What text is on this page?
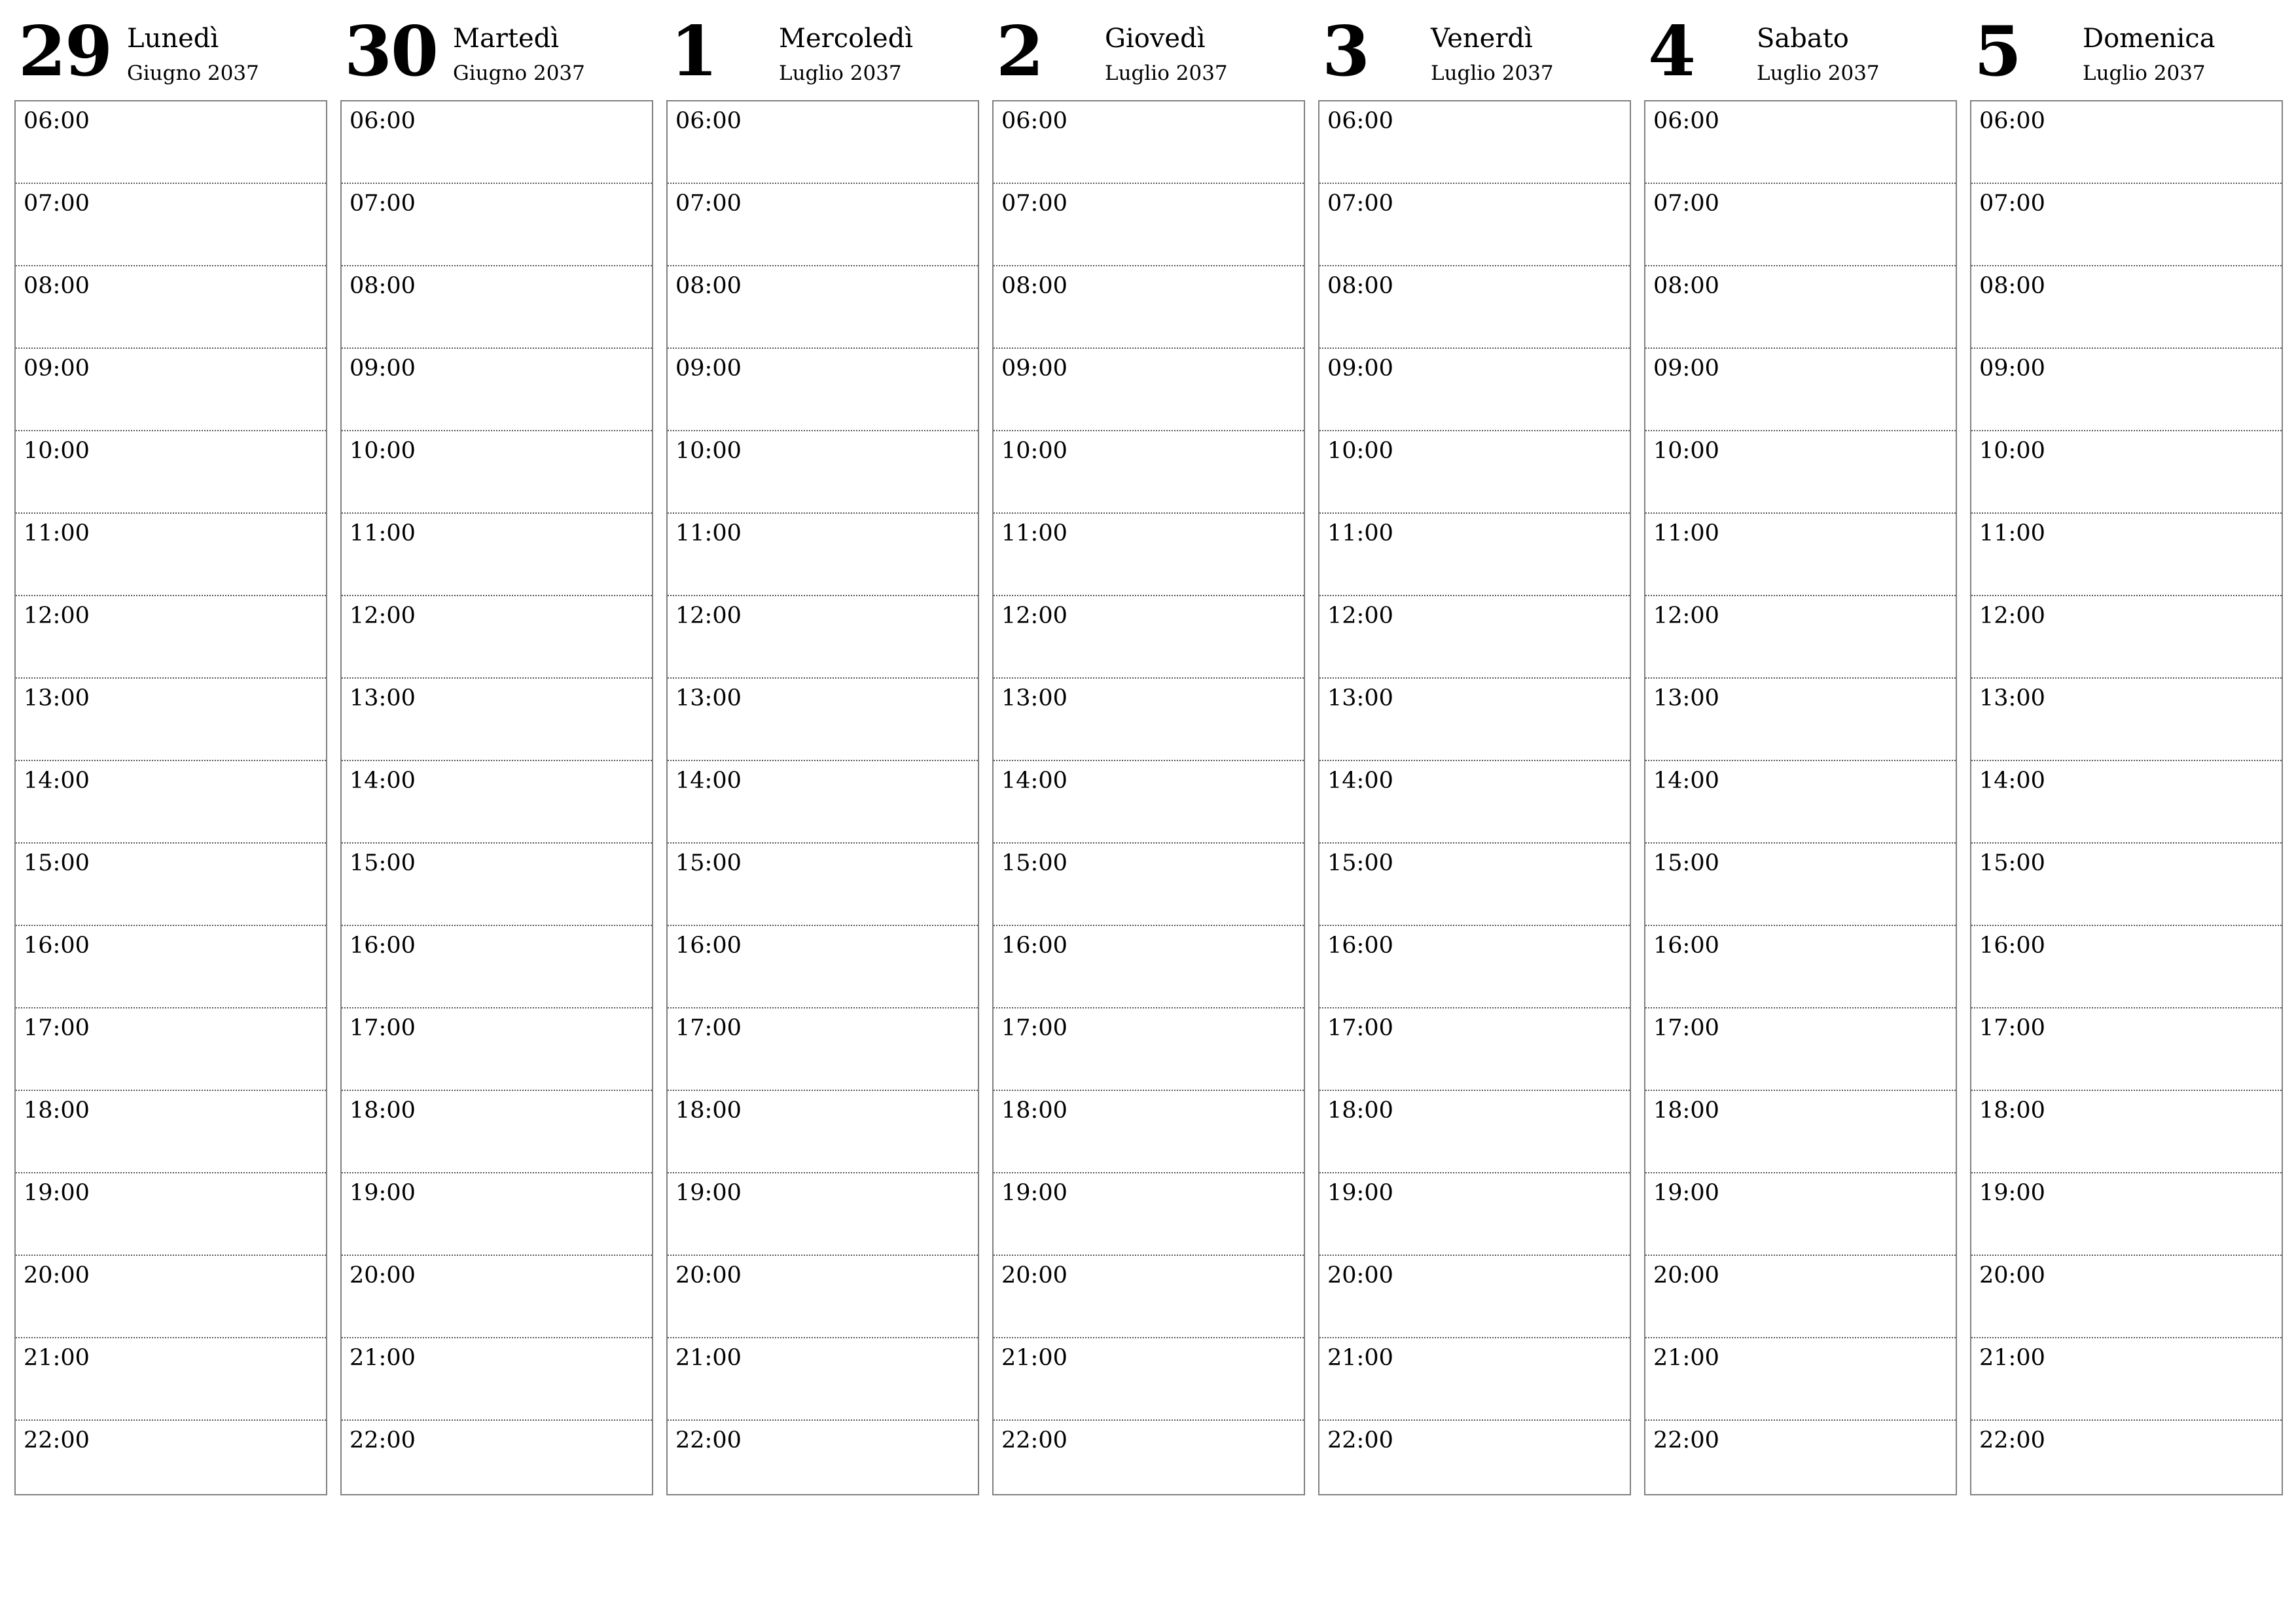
29 Lunedì
Giugno 2037
06:00
07:00
08:00
09:00
10:00
11:00
12:00
13:00
14:00
15:00
16:00
17:00
18:00
19:00
20:00
21:00
22:00
30 Martedì
Giugno 2037
06:00
07:00
08:00
09:00
10:00
11:00
12:00
13:00
14:00
15:00
16:00
17:00
18:00
19:00
20:00
21:00
22:00
1 Mercoledì
Luglio 2037
06:00
07:00
08:00
09:00
10:00
11:00
12:00
13:00
14:00
15:00
16:00
17:00
18:00
19:00
20:00
21:00
22:00
2 Giovedì
Luglio 2037
06:00
07:00
08:00
09:00
10:00
11:00
12:00
13:00
14:00
15:00
16:00
17:00
18:00
19:00
20:00
21:00
22:00
3 Venerdì
Luglio 2037
06:00
07:00
08:00
09:00
10:00
11:00
12:00
13:00
14:00
15:00
16:00
17:00
18:00
19:00
20:00
21:00
22:00
4 Sabato
Luglio 2037
06:00
07:00
08:00
09:00
10:00
11:00
12:00
13:00
14:00
15:00
16:00
17:00
18:00
19:00
20:00
21:00
22:00
5 Domenica
Luglio 2037
06:00
07:00
08:00
09:00
10:00
11:00
12:00
13:00
14:00
15:00
16:00
17:00
18:00
19:00
20:00
21:00
22:00
